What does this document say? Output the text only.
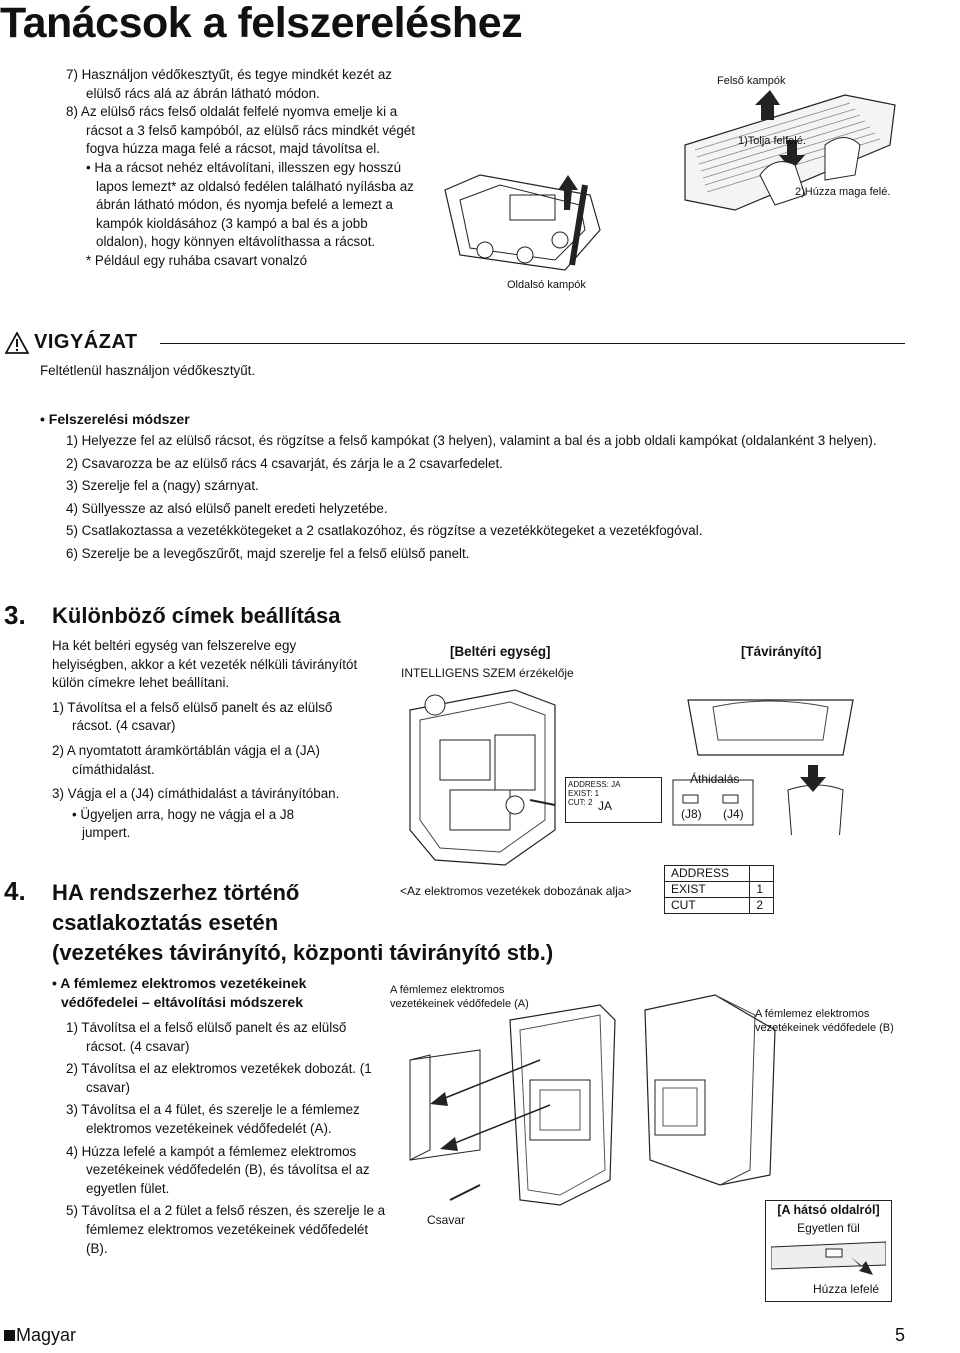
Tanácsok a felszereléshez

7) Használjon védőkesztyűt, és tegye mindkét kezét az elülső rács alá az ábrán látható módon.

8) Az elülső rács felső oldalát felfelé nyomva emelje ki a rácsot a 3 felső kampóból, az elülső rács mindkét végét fogva húzza maga felé a rácsot, majd távolítsa el.

• Ha a rácsot nehéz eltávolítani, illesszen egy hosszú lapos lemezt* az oldalsó fedélen található nyílásba az ábrán látható módon, és nyomja befelé a lemezt a kampók kioldásához (3 kampó a bal és a jobb oldalon), hogy könnyen eltávolíthassa a rácsot.

* Például egy ruhába csavart vonalzó

Oldalsó kampók
Felső kampók
1)Tolja felfelé.
2)Húzza maga felé.
VIGYÁZAT
Feltétlenül használjon védőkesztyűt.
• Felszerelési módszer

1) Helyezze fel az elülső rácsot, és rögzítse a felső kampókat (3 helyen), valamint a bal és a jobb oldali kampókat (oldalanként 3 helyen).

2) Csavarozza be az elülső rács 4 csavarját, és zárja le a 2 csavarfedelet.

3) Szerelje fel a (nagy) szárnyat.

4) Süllyessze az alsó elülső panelt eredeti helyzetébe.

5) Csatlakoztassa a vezetékkötegeket a 2 csatlakozóhoz, és rögzítse a vezetékkötegeket a vezetékfogóval.

6) Szerelje be a levegőszűrőt, majd szerelje fel a felső elülső panelt.

3. Különböző címek beállítása

Ha két beltéri egység van felszerelve egy helyiségben, akkor a két vezeték nélküli távirányítót külön címekre lehet beállítani.

1) Távolítsa el a felső elülső panelt és az elülső rácsot. (4 csavar)

2) A nyomtatott áramkörtáblán vágja el a (JA) címáthidalást.

3) Vágja el a (J4) címáthidalást a távirányítóban.

• Ügyeljen arra, hogy ne vágja el a J8 jumpert.

[Beltéri egység]
INTELLIGENS SZEM érzékelője
[Távirányító]
ADDRESS: JA
EXIST: 1
CUT: 2 JA
Áthidalás
(J8) (J4)
<Az elektromos vezetékek dobozának alja>
ADDRESS	
EXIST	1
CUT	2
4. HA rendszerhez történő
csatlakoztatás esetén
(vezetékes távirányító, központi távirányító stb.)
• A fémlemez elektromos vezetékeinek
védőfedelei – eltávolítási módszerek

1) Távolítsa el a felső elülső panelt és az elülső rácsot. (4 csavar)

2) Távolítsa el az elektromos vezetékek dobozát. (1 csavar)

3) Távolítsa el a 4 fület, és szerelje le a fémlemez elektromos vezetékeinek védőfedelét (A).

4) Húzza lefelé a kampót a fémlemez elektromos vezetékeinek védőfedelén (B), és távolítsa el az egyetlen fület.

5) Távolítsa el a 2 fület a felső részen, és szerelje le a fémlemez elektromos vezetékeinek védőfedelét (B).

A fémlemez elektromos vezetékeinek védőfedele (A)
Csavar
A fémlemez elektromos vezetékeinek védőfedele (B)
[A hátsó oldalról]
Egyetlen fül
Húzza lefelé
Magyar	5
